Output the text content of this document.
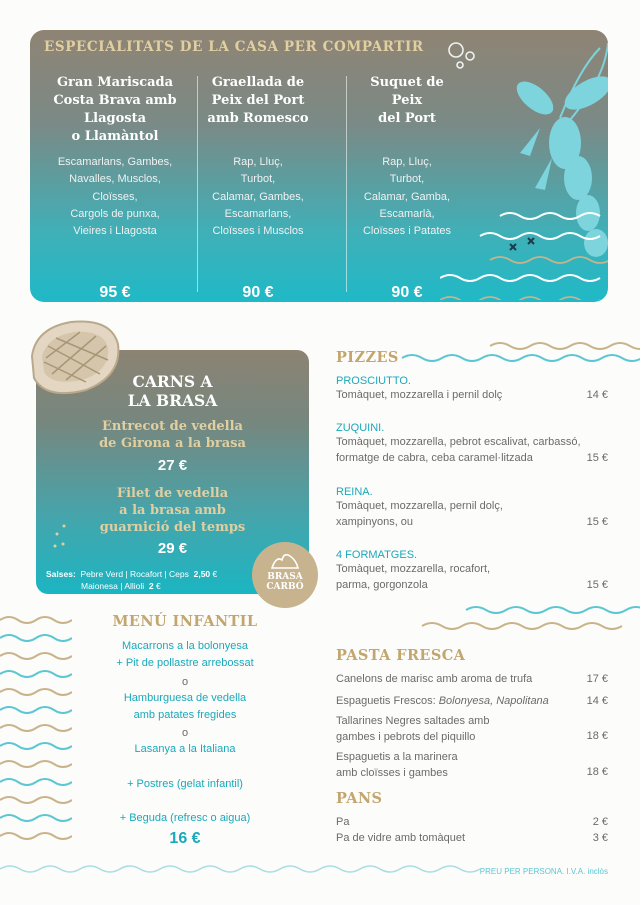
ESPECIALITATS DE LA CASA PER COMPARTIR
Gran Mariscada
Costa Brava amb
Llagosta
o Llamàntol
Escamarlans, Gambes,
Navalles, Musclos,
Cloïsses,
Cargols de punxa,
Vieires i Llagosta
95 €
Graellada de
Peix del Port
amb Romesco
Rap, Lluç,
Turbot,
Calamar, Gambes,
Escamarlans,
Cloïsses i Musclos
90 €
Suquet de
Peix
del Port
Rap, Lluç,
Turbot,
Calamar, Gamba,
Escamarlà,
Cloïsses i Patates
90 €
CARNS A
LA BRASA
Entrecot de vedella
de Girona a la brasa
27 €
Filet de vedella
a la brasa amb
guarnició del temps
29 €
Salses: Pebre Verd | Rocafort | Ceps 2,50 €
Maionesa | Allioli 2 €
BRASA
CARBÓ
PIZZES
PROSCIUTTO.
Tomàquet, mozzarella i pernil dolç	14 €
ZUQUINI.
Tomàquet, mozzarella, pebrot escalivat, carbassó,
formatge de cabra, ceba caramel·litzada	15 €
REINA.
Tomàquet, mozzarella, pernil dolç,
xampinyons, ou	15 €
4 FORMATGES.
Tomàquet, mozzarella, rocafort,
parma, gorgonzola	15 €
PASTA FRESCA
Canelons de marisc amb aroma de trufa	17 €
Espaguetis Frescos: Bolonyesa, Napolitana	14 €
Tallarines Negres saltades amb
gambes i pebrots del piquillo	18 €
Espaguetis a la marinera
amb cloïsses i gambes	18 €
PANS
Pa	2 €
Pa de vidre amb tomàquet	3 €
MENÚ INFANTIL
Macarrons a la bolonyesa
+ Pit de pollastre arrebossat
o
Hamburguesa de vedella
amb patates fregides
o
Lasanya a la Italiana
+ Postres (gelat infantil)
+ Beguda (refresc o aigua)
16 €
PREU PER PERSONA. I.V.A. inclòs
